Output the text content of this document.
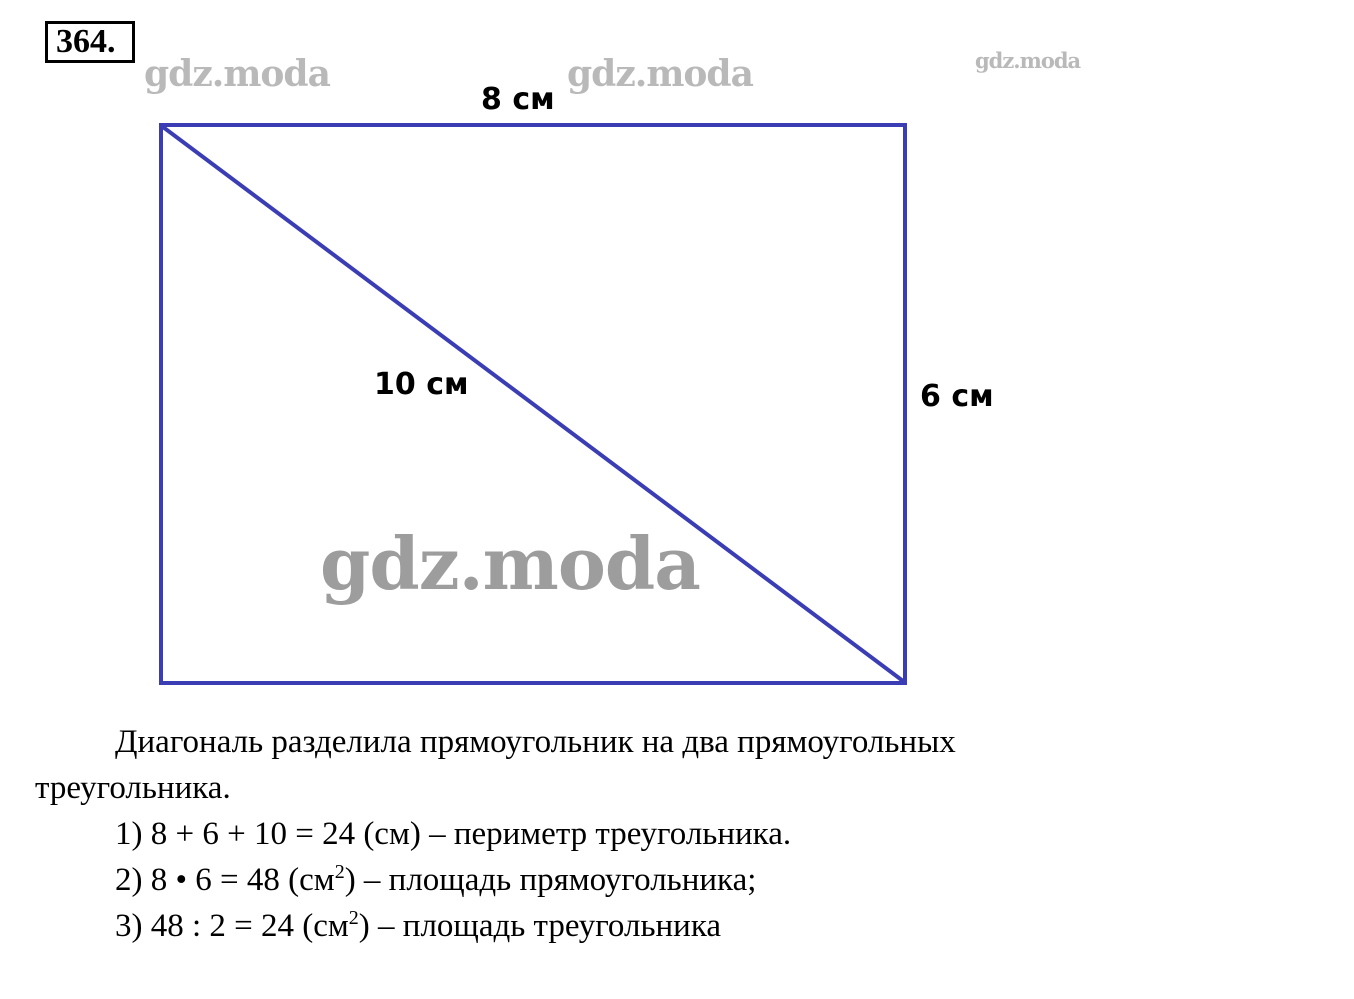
364.
gdz.moda	gdz.moda	gdz.moda
gdz.moda
8 см
10 см	6 см
Диагональ разделила прямоугольник на два прямоугольных
треугольника.
1) 8 + 6 + 10 = 24 (см) – периметр треугольника.
2) 8 • 6 = 48 $(см^2)$ – площадь прямоугольника;
3) 48 : 2 = 24 $(см^2)$ – площадь треугольника
